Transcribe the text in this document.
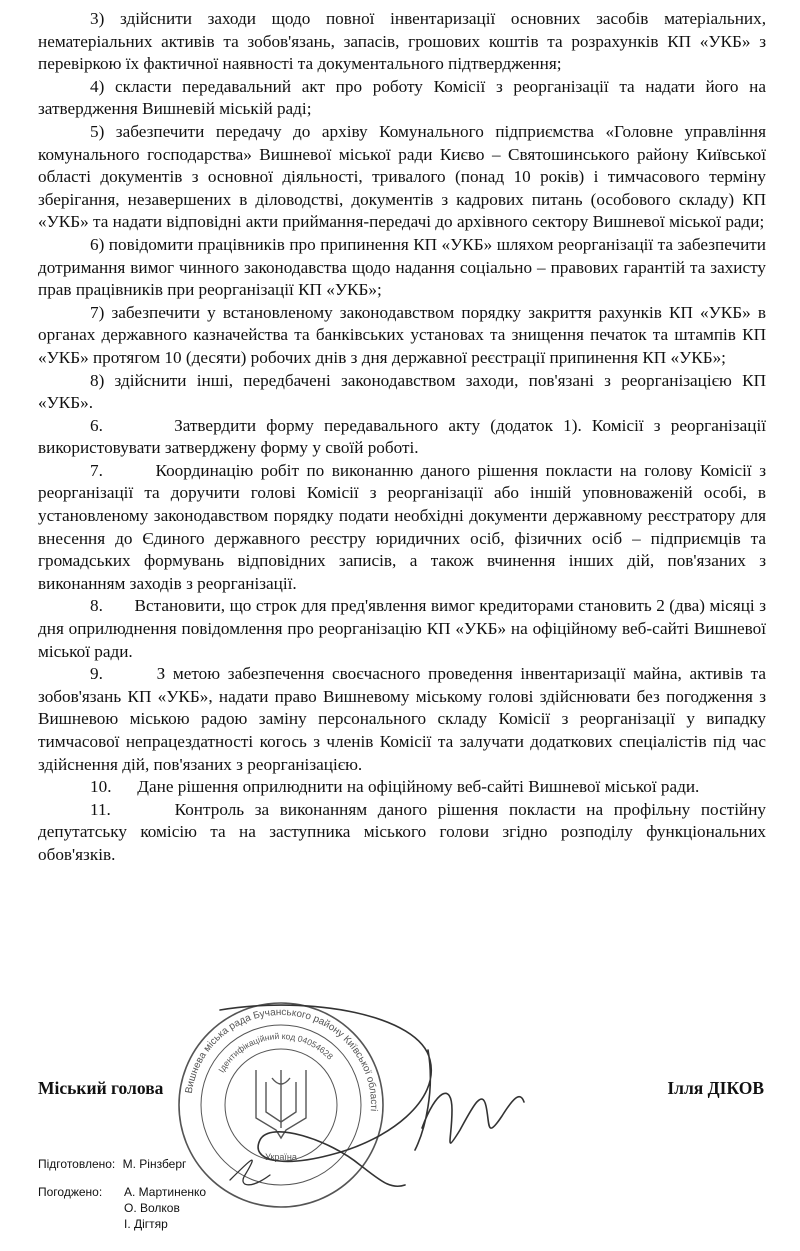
3) здійснити заходи щодо повної інвентаризації основних засобів матеріальних, нематеріальних активів та зобов'язань, запасів, грошових коштів та розрахунків КП «УКБ» з перевіркою їх фактичної наявності та документального підтвердження;

4) скласти передавальний акт про роботу Комісії з реорганізації та надати його на затвердження Вишневій міській раді;

5) забезпечити передачу до архіву Комунального підприємства «Головне управління комунального господарства» Вишневої міської ради Києво – Святошинського району Київської області документів з основної діяльності, тривалого (понад 10 років) і тимчасового терміну зберігання, незавершених в діловодстві, документів з кадрових питань (особового складу) КП «УКБ» та надати відповідні акти приймання-передачі до архівного сектору Вишневої міської ради;

6) повідомити працівників про припинення КП «УКБ» шляхом реорганізації та забезпечити дотримання вимог чинного законодавства щодо надання соціально – правових гарантій та захисту прав працівників при реорганізації КП «УКБ»;

7) забезпечити у встановленому законодавством порядку закриття рахунків КП «УКБ» в органах державного казначейства та банківських установах та знищення печаток та штампів КП «УКБ» протягом 10 (десяти) робочих днів з дня державної реєстрації припинення КП «УКБ»;

8) здійснити інші, передбачені законодавством заходи, пов'язані з реорганізацією КП «УКБ».

6.       Затвердити форму передавального акту (додаток 1). Комісії з реорганізації використовувати затверджену форму у своїй роботі.

7.       Координацію робіт по виконанню даного рішення покласти на голову Комісії з реорганізації та доручити голові Комісії з реорганізації або іншій уповноваженій особі, в установленому законодавством порядку подати необхідні документи державному реєстратору для внесення до Єдиного державного реєстру юридичних осіб, фізичних осіб – підприємців та громадських формувань відповідних записів, а також вчинення інших дій, пов'язаних з виконанням заходів з реорганізації.

8.       Встановити, що строк для пред'явлення вимог кредиторами становить 2 (два) місяці з дня оприлюднення повідомлення про реорганізацію КП «УКБ» на офіційному веб-сайті Вишневої міської ради.

9.       З метою забезпечення своєчасного проведення інвентаризації майна, активів та зобов'язань КП «УКБ», надати право Вишневому міському голові здійснювати без погодження з Вишневою міською радою заміну персонального складу Комісії з реорганізації у випадку тимчасової непрацездатності когось з членів Комісії та залучати додаткових спеціалістів під час здійснення дій, пов'язаних з реорганізацією.

10.      Дане рішення оприлюднити на офіційному веб-сайті Вишневої міської ради.

11.      Контроль за виконанням даного рішення покласти на профільну постійну депутатську комісію та на заступника міського голови згідно розподілу функціональних обов'язків.

Міський голова	Ілля ДІКОВ
Вишнева міська рада Бучанського району Київської області
Ідентифікаційний код 04054628
Україна
Підготовлено: М. Рінзберг
Погоджено: А. Мартиненко
О. Волков
І. Дігтяр
